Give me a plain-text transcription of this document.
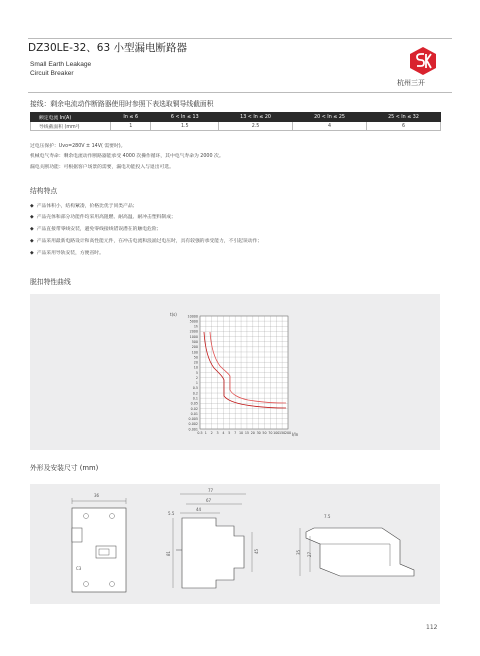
DZ30LE-32、63 小型漏电断路器
Small Earth Leakage
Circuit Breaker
杭州三开
接线：剩余电流动作断路器使用时参照下表选取铜导线截面积
额定电流 In(A)	In ≤ 6	6 < In ≤ 13	13 < In ≤ 20	20 < In ≤ 25	25 < In ≤ 32
导线截面积 (mm²)	1	1.5	2.5	4	6
过电压保护：Uvo=280V ± 14V( 需要时)。
机械电气寿命：剩余电流动作断路器能承受 4000 次操作循环，其中电气寿命为 2000 次。
漏电关断功能：可根据客户场景的需要，漏电功能投入与退出可选。
结构特点
◆ 产品体积小，结构紧凑，价格比优于同类产品；
◆ 产品壳体和部分功能件均采用高阻燃、耐高温、耐冲击塑料制成；
◆ 产品直接带零线安装，避免零线接线错误潜在的触电危险；
◆ 产品采用最新电路设计和高性能元件，在冲击电流和浪涌过电压时，具有较强的承受能力，不引起误动作；
◆ 产品采用导轨安装，方便省时。
脱扣特性曲线
10000
5000
1h
2000
1000
500
200
100
50
20
10
5
2
1
0.5
0.2
0.1
0.05
0.02
0.01
0.005
0.002
0.001
0.5 1 2 3 4 5 7 10 15 20 30 50 70 100 150 200
t(s)
I/In
外形及安装尺寸 (mm)
36
C3
77
67
44
5.5
81	45
7.5
35 27
112
